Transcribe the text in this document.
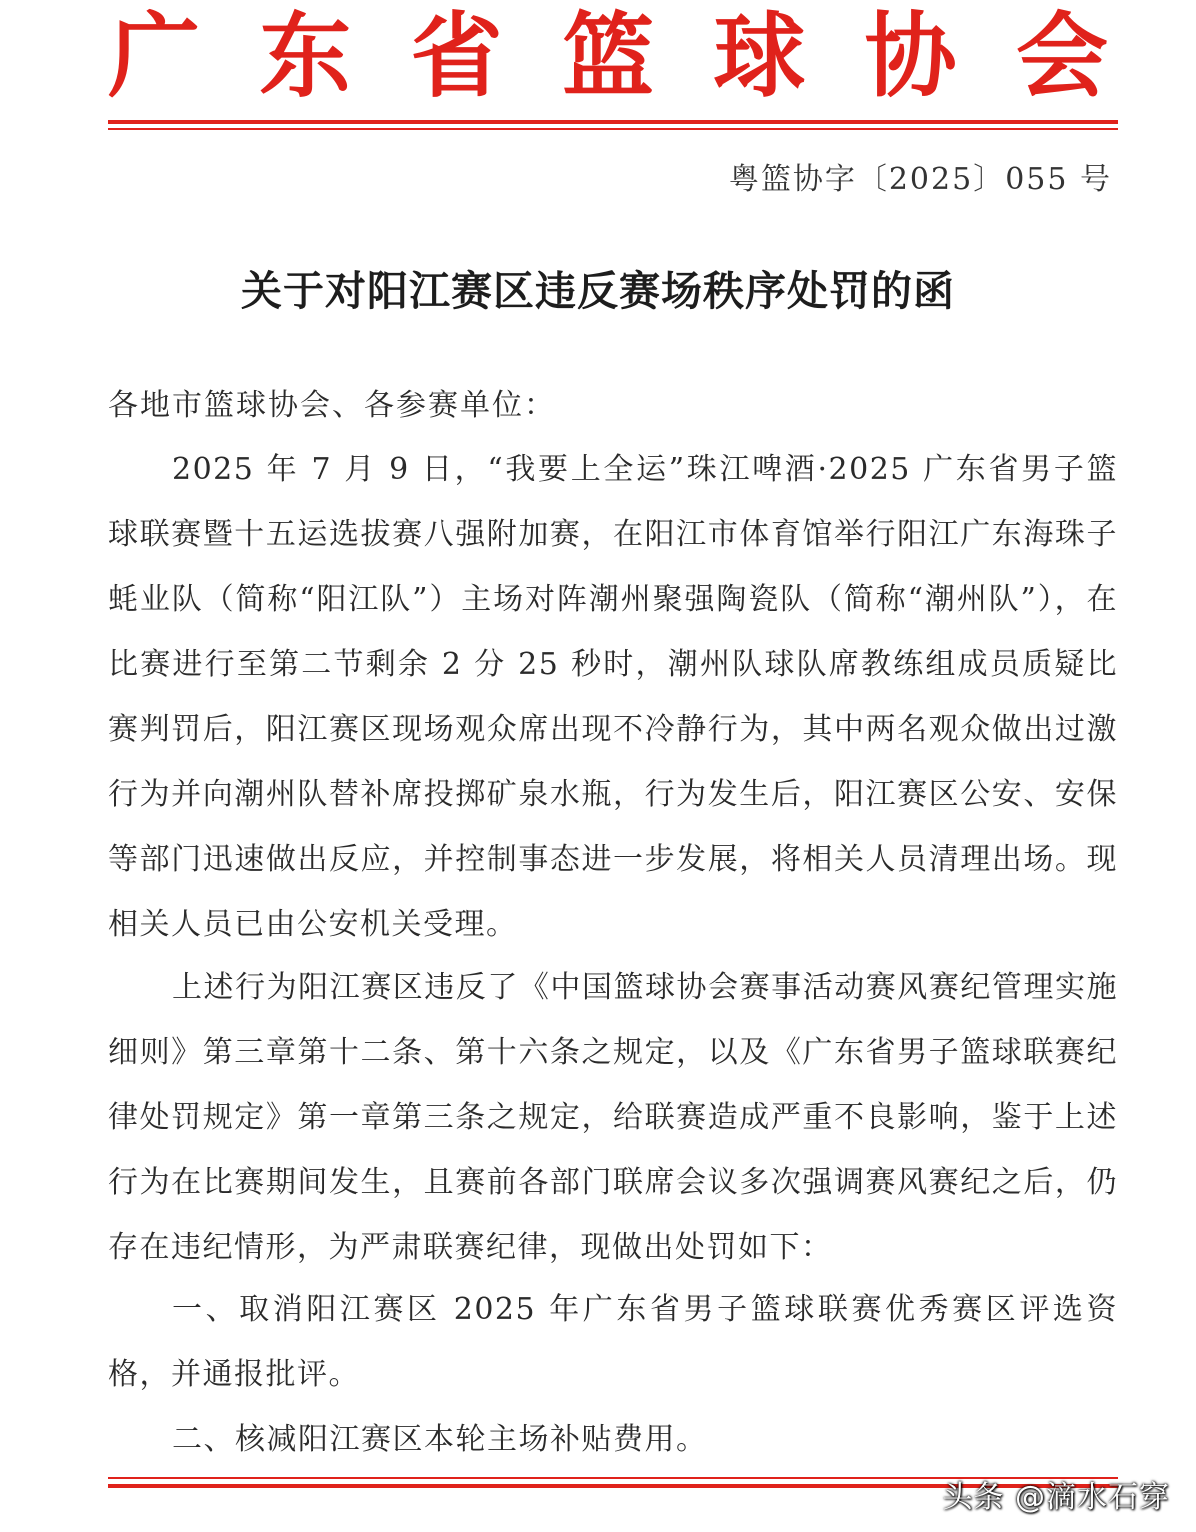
广 东 省 篮 球 协 会
粤篮协字〔2025〕055 号
关于对阳江赛区违反赛场秩序处罚的函
各地市篮球协会、各参赛单位：

2025 年 7 月 9 日，“我要上全运”珠江啤酒·2025 广东省男子篮球联赛暨十五运选拔赛八强附加赛，在阳江市体育馆举行阳江广东海珠子蚝业队（简称“阳江队”）主场对阵潮州聚强陶瓷队（简称“潮州队”），在比赛进行至第二节剩余 2 分 25 秒时，潮州队球队席教练组成员质疑比赛判罚后，阳江赛区现场观众席出现不冷静行为，其中两名观众做出过激行为并向潮州队替补席投掷矿泉水瓶，行为发生后，阳江赛区公安、安保等部门迅速做出反应，并控制事态进一步发展，将相关人员清理出场。现相关人员已由公安机关受理。

上述行为阳江赛区违反了《中国篮球协会赛事活动赛风赛纪管理实施细则》第三章第十二条、第十六条之规定，以及《广东省男子篮球联赛纪律处罚规定》第一章第三条之规定，给联赛造成严重不良影响，鉴于上述行为在比赛期间发生，且赛前各部门联席会议多次强调赛风赛纪之后，仍存在违纪情形，为严肃联赛纪律，现做出处罚如下：

一、取消阳江赛区 2025 年广东省男子篮球联赛优秀赛区评选资格，并通报批评。

二、核减阳江赛区本轮主场补贴费用。

头条 @滴水石穿
